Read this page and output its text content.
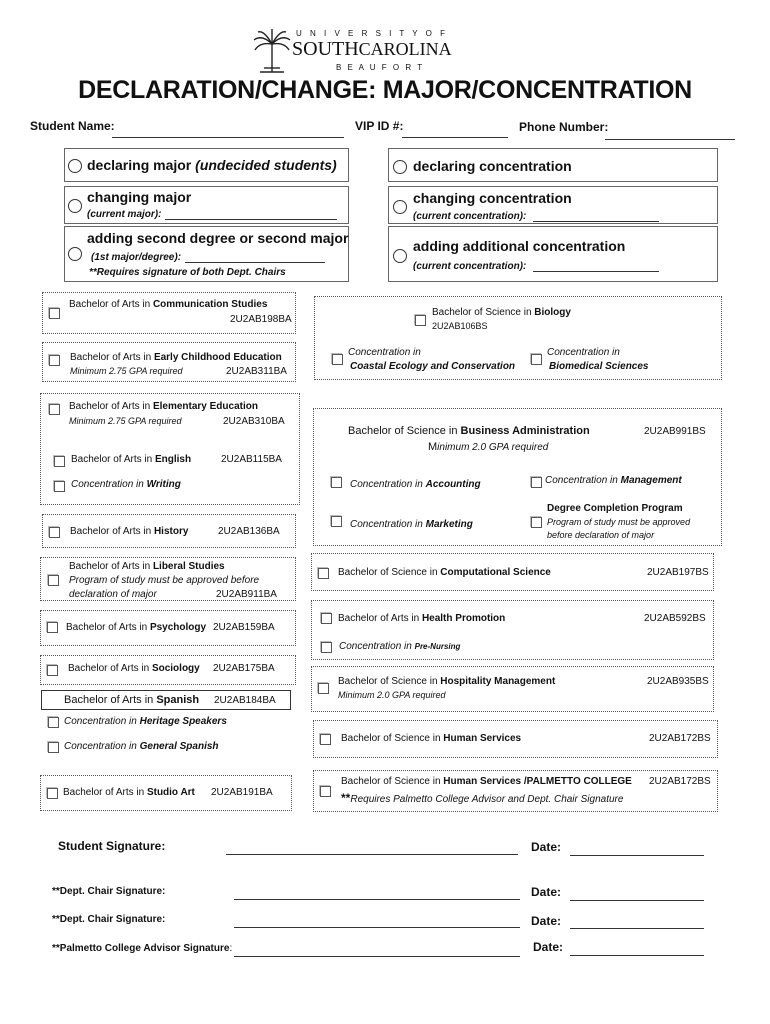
U N I V E R S I T Y O F
SOUTHCAROLINA
B E A U F O R T
DECLARATION/CHANGE: MAJOR/CONCENTRATION
Student Name:	VIP ID #:	Phone Number:
declaring major (undecided students)	declaring concentration
changing major
(current major):
changing concentration
(current concentration):
adding second degree or second major
(1st major/degree):
**Requires signature of both Dept. Chairs
adding additional concentration
(current concentration):
Bachelor of Arts in Communication Studies
2U2AB198BA
Bachelor of Arts in Early Childhood Education
Minimum 2.75 GPA required	2U2AB311BA
Bachelor of Arts in Elementary Education
Minimum 2.75 GPA required	2U2AB310BA
Bachelor of Arts in English	2U2AB115BA
Concentration in Writing
Bachelor of Arts in History	2U2AB136BA
Bachelor of Arts in Liberal Studies
Program of study must be approved before
declaration of major	2U2AB911BA
Bachelor of Arts in Psychology 2U2AB159BA
Bachelor of Arts in Sociology 2U2AB175BA
Bachelor of Arts in Spanish 2U2AB184BA
Concentration in Heritage Speakers
Concentration in General Spanish
Bachelor of Arts in Studio Art 2U2AB191BA
Bachelor of Science in Biology
2U2AB106BS
Concentration in
Coastal Ecology and Conservation
Concentration in
Biomedical Sciences
Bachelor of Science in Business Administration	2U2AB991BS
Minimum 2.0 GPA required
Concentration in Accounting	Concentration in Management
Degree Completion Program
Concentration in Marketing	Program of study must be approved
before declaration of major
Bachelor of Science in Computational Science	2U2AB197BS
Bachelor of Arts in Health Promotion	2U2AB592BS
Concentration in Pre-Nursing
Bachelor of Science in Hospitality Management
Minimum 2.0 GPA required
2U2AB935BS
Bachelor of Science in Human Services	2U2AB172BS
Bachelor of Science in Human Services /PALMETTO COLLEGE 2U2AB172BS
**Requires Palmetto College Advisor and Dept. Chair Signature
Student Signature:	Date:
**Dept. Chair Signature:	Date:
**Dept. Chair Signature:	Date:
**Palmetto College Advisor Signature:	Date:
